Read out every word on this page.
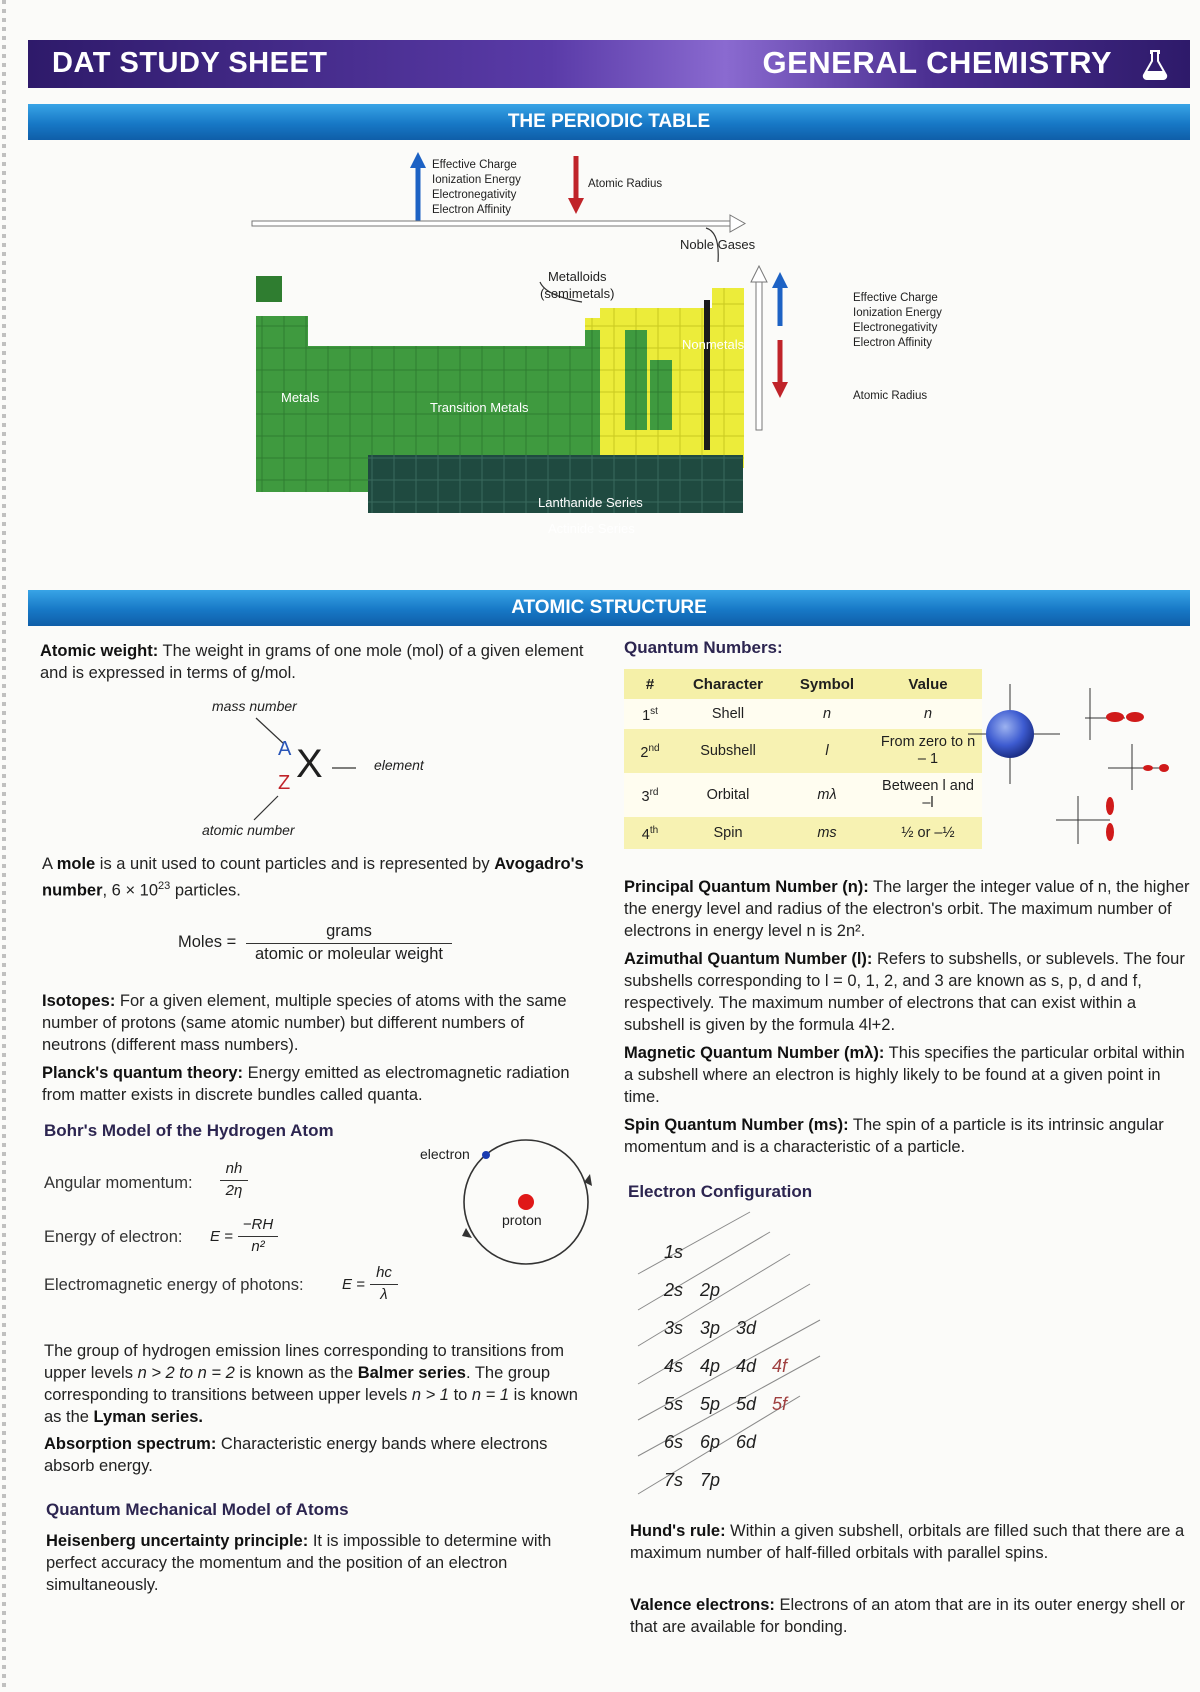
DAT STUDY SHEET	GENERAL CHEMISTRY
THE PERIODIC TABLE
Effective Charge
Ionization Energy
Electronegativity
Electron Affinity
Atomic Radius
Noble Gases
Metalloids
(semimetals)
Nonmetals
Metals
Transition Metals
Lanthanide Series
Actinide Series
Effective Charge
Ionization Energy
Electronegativity
Electron Affinity
Atomic Radius
ATOMIC STRUCTURE
Atomic weight: The weight in grams of one mole (mol) of a given element and is expressed in terms of g/mol.
mass number
atomic number
element
A
Z X
A mole is a unit used to count particles and is represented by Avogadro's number, $6 \times 10^{23}$ particles.
Moles =
grams
atomic or moleular weight
Isotopes: For a given element, multiple species of atoms with the same number of protons (same atomic number) but different numbers of neutrons (different mass numbers).
Planck's quantum theory: Energy emitted as electromagnetic radiation from matter exists in discrete bundles called quanta.
Bohr's Model of the Hydrogen Atom
Angular momentum:
nh
2η
Energy of electron: E =
−RH
n²
Electromagnetic energy of photons:	E =
hc
λ
electron
proton
The group of hydrogen emission lines corresponding to transitions from upper levels n > 2 to n = 2 is known as the Balmer series. The group corresponding to transitions between upper levels n > 1 to n = 1 is known as the Lyman series.
Absorption spectrum: Characteristic energy bands where electrons absorb energy.
Quantum Mechanical Model of Atoms
Heisenberg uncertainty principle: It is impossible to determine with perfect accuracy the momentum and the position of an electron simultaneously.
Quantum Numbers:
#	Character	Symbol	Value
1st	Shell	n	n
2nd	Subshell	l	From zero to n – 1
3rd	Orbital	mλ	Between l and –l
4th	Spin	ms	½ or –½
Principal Quantum Number (n): The larger the integer value of n, the higher the energy level and radius of the electron's orbit. The maximum number of electrons in energy level n is 2n².
Azimuthal Quantum Number (l): Refers to subshells, or sublevels. The four subshells corresponding to l = 0, 1, 2, and 3 are known as s, p, d and f, respectively. The maximum number of electrons that can exist within a subshell is given by the formula 4l+2.
Magnetic Quantum Number (mλ): This specifies the particular orbital within a subshell where an electron is highly likely to be found at a given point in time.
Spin Quantum Number (ms): The spin of a particle is its intrinsic angular momentum and is a characteristic of a particle.
Electron Configuration
1s
2s 2p
3s 3p 3d
4s 4p 4d 4f
5s 5p 5d 5f
6s 6p 6d
7s 7p
Hund's rule: Within a given subshell, orbitals are filled such that there are a maximum number of half-filled orbitals with parallel spins.
Valence electrons: Electrons of an atom that are in its outer energy shell or that are available for bonding.
